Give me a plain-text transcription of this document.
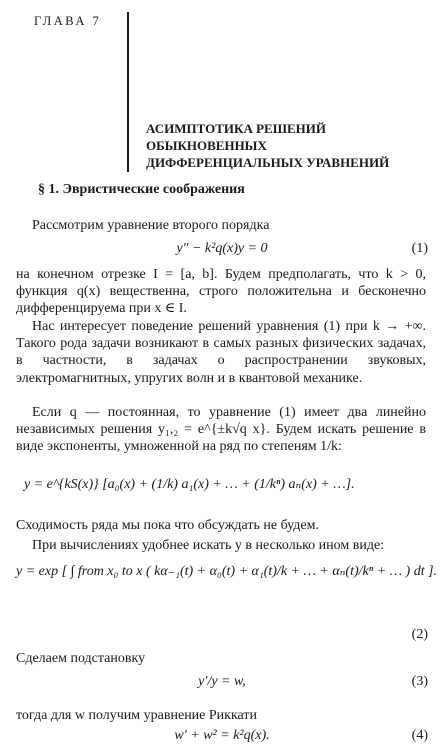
ГЛАВА 7
АСИМПТОТИКА РЕШЕНИЙ
ОБЫКНОВЕННЫХ
ДИФФЕРЕНЦИАЛЬНЫХ УРАВНЕНИЙ
§ 1. Эвристические соображения
Рассмотрим уравнение второго порядка
y″ − k²q(x)y = 0	(1)
на конечном отрезке I = [a, b]. Будем предполагать, что k > 0, функция q(x) вещественна, строго положительна и бесконечно дифференцируема при x ∈ I.
Нас интересует поведение решений уравнения (1) при k → +∞. Такого рода задачи возникают в самых разных физических задачах, в частности, в задачах о распространении звуковых, электромагнитных, упругих волн и в квантовой механике.
Если q — постоянная, то уравнение (1) имеет два линейно независимых решения y₁,₂ = e^{±k√q x}. Будем искать решение в виде экспоненты, умноженной на ряд по степеням 1/k:
y = e^{kS(x)} [a₀(x) + (1/k) a₁(x) + … + (1/kⁿ) aₙ(x) + …].
Сходимость ряда мы пока что обсуждать не будем.
При вычислениях удобнее искать y в несколько ином виде:
y = exp [ ∫ from x₀ to x ( kα₋₁(t) + α₀(t) + α₁(t)/k + … + αₙ(t)/kⁿ + … ) dt ].
(2)
Сделаем подстановку
y′/y = w,	(3)
тогда для w получим уравнение Риккати
w′ + w² = k²q(x).	(4)
